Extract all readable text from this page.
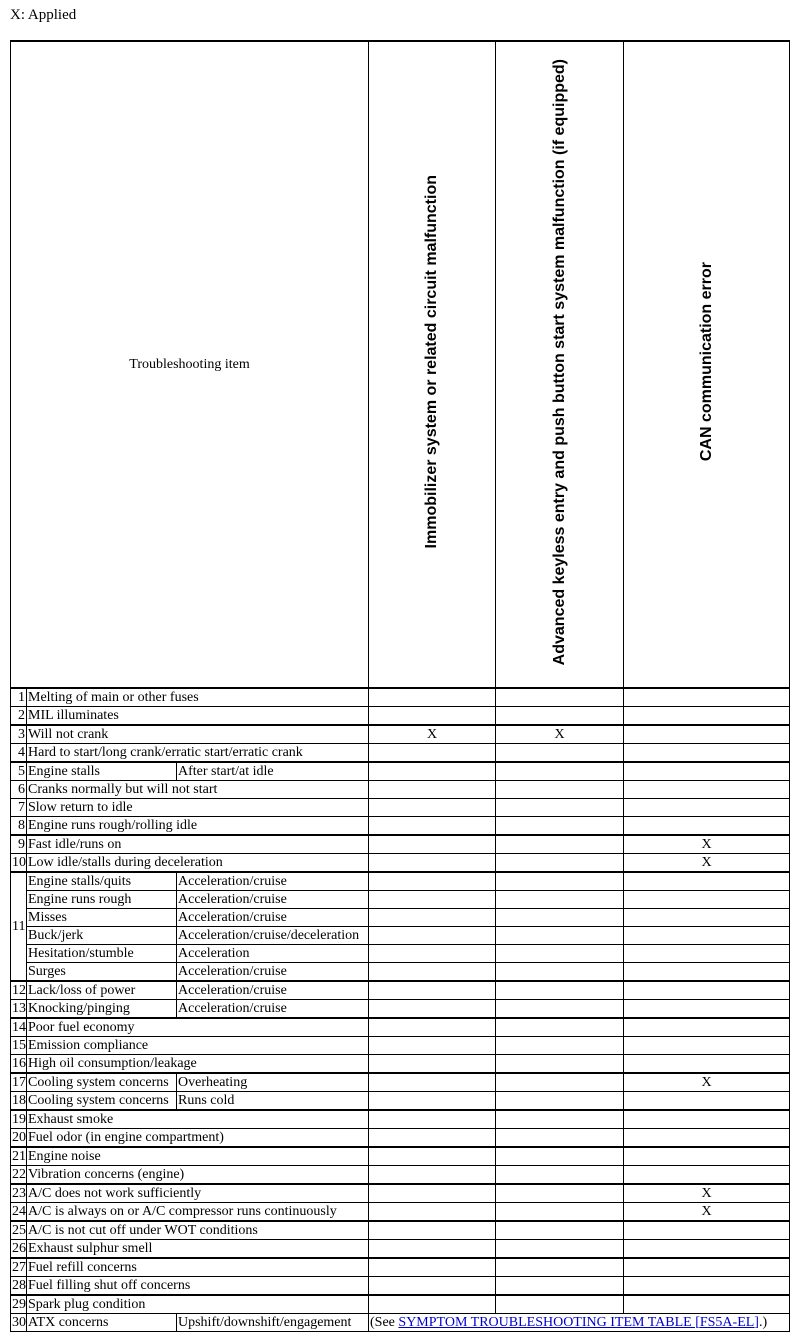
X: Applied
Troubleshooting item			Immobilizer system or related circuit malfunction	Advanced keyless entry and push button start system malfunction (if equipped)	CAN communication error
1	Melting of main or other fuses				
2	MIL illuminates				
3	Will not crank		X	X	
4	Hard to start/long crank/erratic start/erratic crank				
5	Engine stalls	After start/at idle			
6	Cranks normally but will not start				
7	Slow return to idle				
8	Engine runs rough/rolling idle				
9	Fast idle/runs on				X
10	Low idle/stalls during deceleration				X
11	Engine stalls/quits	Acceleration/cruise			
	Engine runs rough	Acceleration/cruise			
	Misses	Acceleration/cruise			
	Buck/jerk	Acceleration/cruise/deceleration			
	Hesitation/stumble	Acceleration			
	Surges	Acceleration/cruise			
12	Lack/loss of power	Acceleration/cruise			
13	Knocking/pinging	Acceleration/cruise			
14	Poor fuel economy				
15	Emission compliance				
16	High oil consumption/leakage				
17	Cooling system concerns	Overheating			X
18	Cooling system concerns	Runs cold			
19	Exhaust smoke				
20	Fuel odor (in engine compartment)				
21	Engine noise				
22	Vibration concerns (engine)				
23	A/C does not work sufficiently				X
24	A/C is always on or A/C compressor runs continuously				X
25	A/C is not cut off under WOT conditions				
26	Exhaust sulphur smell				
27	Fuel refill concerns				
28	Fuel filling shut off concerns				
29	Spark plug condition				
30	ATX concerns	Upshift/downshift/engagement	(See SYMPTOM TROUBLESHOOTING ITEM TABLE [FS5A-EL].)		
